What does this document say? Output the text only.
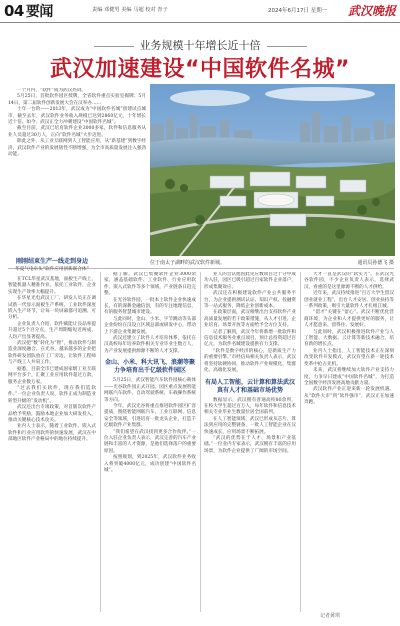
04 要闻	责编 邓健男 美编 马超 校对 青子	2024年6月17日 星期一 武汉晚报
业务规模十年增长近十倍
武汉加速建设“中国软件名城”

一个月内，“软件”成为武汉热词。

5月25日，首批软件园区授牌，全省软件重点实验室揭牌；5月14日，第二届软件创新发展大会在汉举办……

十年一台阶——2013年，武汉成为“中国软件名城”创建试点城市，截至去年，武汉软件业务收入规模已达到2860亿元，十年增长近十倍。如今，武汉正全力冲刺建设“中国软件名城”。

截至目前，武汉已培育软件企业3000多家，软件和信息服务从业人员超过30万人，正向“软件名城”大步迈进。

除此之外，从工业互联网到人工智能应用，从“新基建”到数字经济，武汉软件产业的发展韧性不断增强，为全市高质量发展注入强劲动能。

位于南太子湖畔的武汉软件新城。	通讯员孙德飞 摄
刚刚结束生产一线走到身边
华夏气电牵头“软件应用创新联合体”

在TCL华星武汉基地，面板生产线上，智能机器人精准作业。依托工业软件，企业实现生产效率大幅提升。

在华星光电武汉工厂，研发人员正在调试新一代显示面板生产系统，工业软件深度嵌入生产环节，让每一块屏幕都可追溯、可分析。

企业负责人介绍，软件赋能让良品率提升超过5个百分点，生产周期缩短近两成，人均产出显著提高。

武汉把“数”转化为“智”，推动软件与制造业深度融合。在光谷，越来越多的企业把软件研发团队放在工厂旁边，让软件工程师与产线工人并肩工作。

据悉，目前全市已建成国家级工业互联网平台多个，汇聚工业应用软件超过万款，服务企业数万家。

“过去我们买软件，现在我们造软件。”一位企业负责人说，软件正成为制造业转型升级的“发动机”。

武汉还出台专项政策，对首版次软件产品给予奖励，鼓励本地企业加大研发投入，推动关键核心技术攻关。

业内人士表示，随着工业软件、嵌入式软件和行业应用软件的快速发展，武汉在中部地区软件产业格局中的地位持续提升。

据了解，武汉已集聚软件企业3000余家，涵盖基础软件、工业软件、行业应用软件、嵌入式软件等多个领域，产业链条日趋完整。

在光谷软件园，一批本土软件企业快速成长，有的深耕金融信创，有的专注地理信息，有的服务智慧城市建设。

与此同时，金山、小米、字节跳动等头部企业纷纷在汉设立区域总部或研发中心，带动上下游企业集聚发展。

武汉还建立了软件人才培育体系，依托在汉高校每年培养软件相关专业毕业生数万人，为产业发展提供源源不断的人才支撑。

金山、小米、科大讯飞、浪潮等聚力争培育出千亿级软件园区

5月25日，武汉智能汽车软件园核心载体——光谷软件园正式开园。园区重点发展智能网联汽车软件、自动驾驶系统、车载操作系统等方向。

今年，武汉光谷将重点推进软件园区扩容提质，围绕智能网联汽车、工业互联网、信息安全等领域，引进培育一批龙头企业，打造千亿级软件产业集群。

“我们希望在武汉找到更多合作伙伴。”一位入驻企业负责人表示，武汉完善的汽车产业链和丰富的人才资源，是他们选择落户的重要原因。

按照规划，到2025年，武汉软件业务收入将突破4000亿元，成功创建“中国软件名城”。

业人的会认他因此见应数项目过十分中成功入驻，园区已吸引超过百家软件企业落户，形成集聚效应。

武汉还在积极建设软件产业公共服务平台，为企业提供测试认证、知识产权、投融资等一站式服务，降低企业创新成本。

在政策层面，武汉相继出台支持软件产业高质量发展的若干政策措施，从人才引进、企业培育、场景开放等方面给予全方位支持。

记者了解到，武汉今年将新增一批软件和信息技术服务业重点项目，预计总投资超过百亿元，为软件名城建设提供有力支撑。

“软件是数字经济的核心，是新质生产力的重要引擎。”市经信局相关负责人表示，武汉将坚持软硬协同，推动软件产业规模化、集群化、高端化发展。

有局人工智能，云计算和算法武汉真有人才和基础市场优势

数据显示，武汉拥有普通高校80余所，在校大学生超过百万人，每年软件和信息技术相关专业毕业生数量位居全国前列。

在人工智能领域，武汉已形成从芯片、算法到应用的完整链条，一批人工智能企业在汉快速成长，应用场景不断拓展。

“武汉的优势在于人才、场景和产业基础。”一位业内专家表示，武汉拥有丰富的应用场景，为软件企业提供了广阔的市场空间。

大才一直是武汉的“软实力”。在武汉光谷软件园，不少企业负责人表示，选择武汉，看重的是这里源源不断的人才供给。

近年来，武汉持续推进“百万大学生留汉创业就业工程”，出台人才安居、创业扶持等一系列政策，吸引大量软件人才扎根江城。

“留才”关键在“留心”。武汉不断优化营商环境，为企业和人才提供更好的服务，让人才愿意来、留得住、发展好。

与此同时，武汉积极推进软件产业与人工智能、大数据、云计算等新技术融合，培育新的增长点。

业内人士指出，人工智能技术正在深刻改变软件开发模式，武汉有望在新一轮技术变革中抢占先机。

未来，武汉将继续加大软件产业支持力度，力争早日建成“中国软件名城”，为打造全国数字经济发展高地贡献力量。

武汉软件产业正迎来新一轮发展机遇。从“软件大市”到“软件强市”，武汉正在加速奔跑。

记者黄琪
